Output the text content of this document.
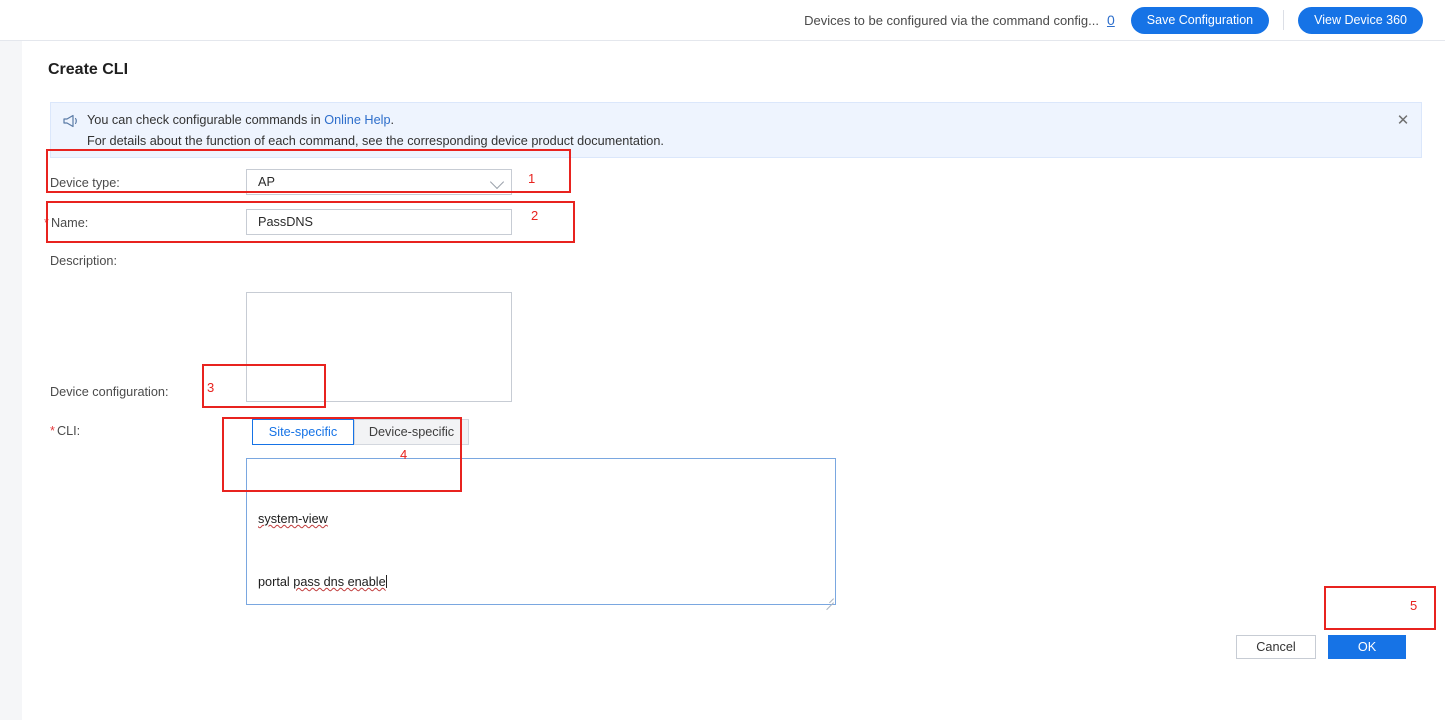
Devices to be configured via the command config... 0	Save Configuration	View Device 360
Create CLI
You can check configurable commands in Online Help.
For details about the function of each command, see the corresponding device product documentation.
✕
Device type:	AP
* Name:
PassDNS
Description:
Device configuration:
Site-specific	Device-specific
* CLI:

system-view

portal pass dns enable

Cancel	OK
1
2
3
4
5
